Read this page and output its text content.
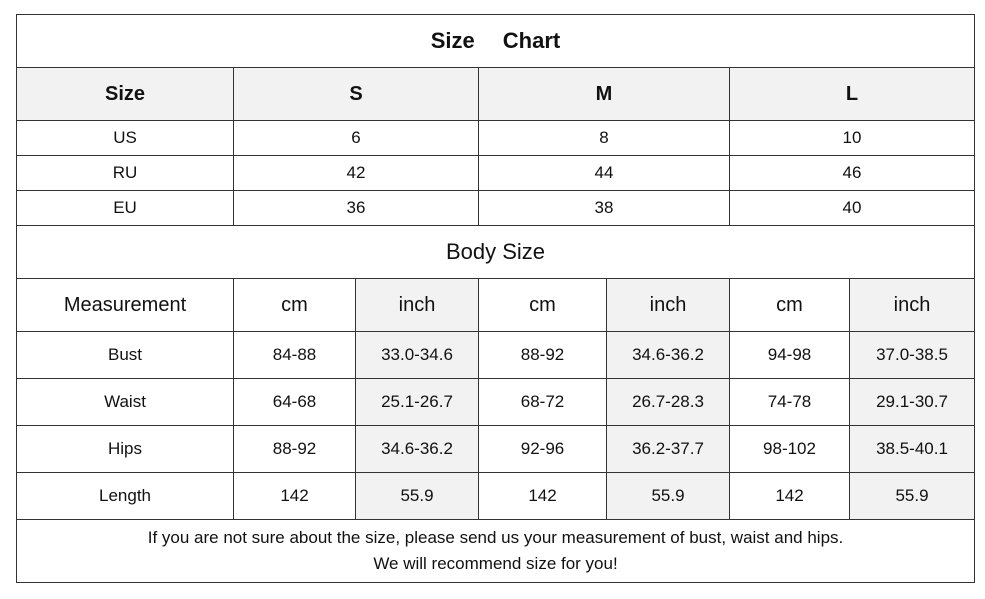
Size Chart						
Size	S		M		L	
US	6		8		10	
RU	42		44		46	
EU	36		38		40	
Body Size						
Measurement	cm	inch	cm	inch	cm	inch
Bust	84-88	33.0-34.6	88-92	34.6-36.2	94-98	37.0-38.5
Waist	64-68	25.1-26.7	68-72	26.7-28.3	74-78	29.1-30.7
Hips	88-92	34.6-36.2	92-96	36.2-37.7	98-102	38.5-40.1
Length	142	55.9	142	55.9	142	55.9

If you are not sure about the size, please send us your measurement of bust, waist and hips.
We will recommend size for you!						
